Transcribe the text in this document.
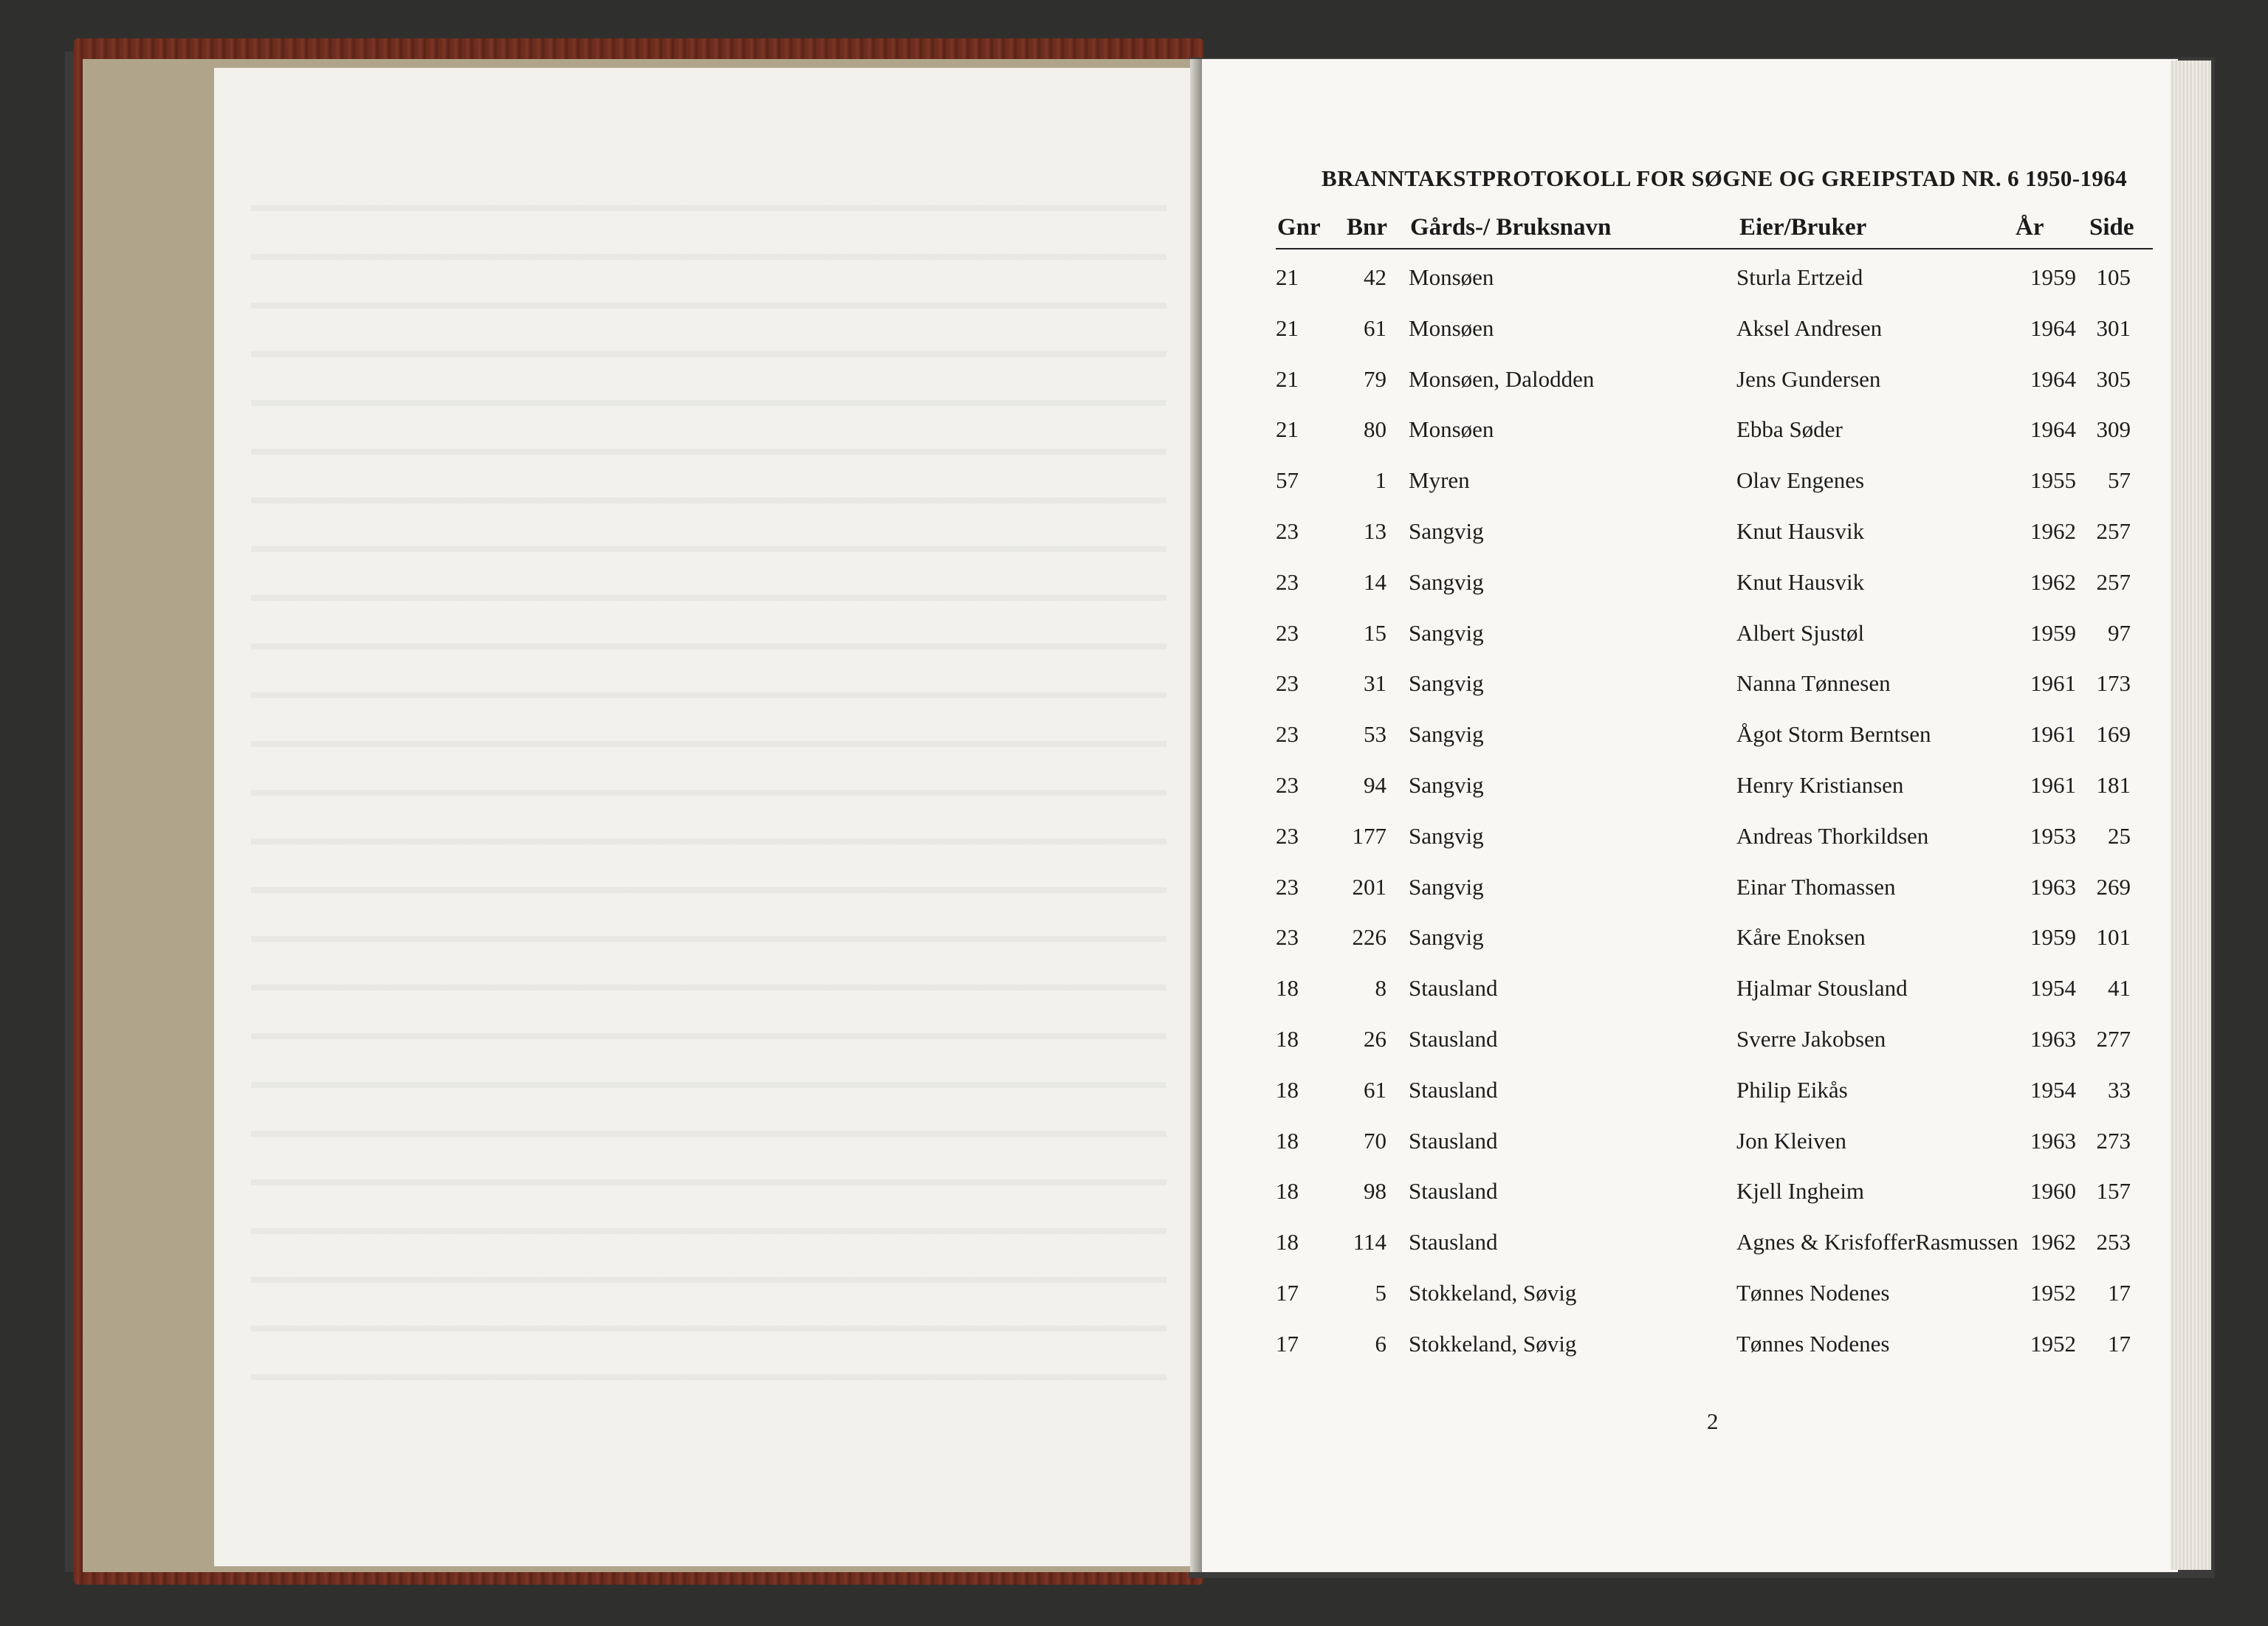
BRANNTAKSTPROTOKOLL FOR SØGNE OG GREIPSTAD NR. 6 1950-1964
Gnr Bnr Gårds-/ Bruksnavn	Eier/Bruker	År Side
21	42 Monsøen	Sturla Ertzeid	1959 105
21	61 Monsøen	Aksel Andresen	1964 301
21	79 Monsøen, Dalodden	Jens Gundersen	1964 305
21	80 Monsøen	Ebba Søder	1964 309
57	1 Myren	Olav Engenes	1955	57
23	13 Sangvig	Knut Hausvik	1962 257
23	14 Sangvig	Knut Hausvik	1962 257
23	15 Sangvig	Albert Sjustøl	1959	97
23	31 Sangvig	Nanna Tønnesen	1961 173
23	53 Sangvig	Ågot Storm Berntsen	1961 169
23	94 Sangvig	Henry Kristiansen	1961 181
23	177 Sangvig	Andreas Thorkildsen	1953	25
23	201 Sangvig	Einar Thomassen	1963 269
23	226 Sangvig	Kåre Enoksen	1959 101
18	8 Stausland	Hjalmar Stousland	1954	41
18	26 Stausland	Sverre Jakobsen	1963 277
18	61 Stausland	Philip Eikås	1954	33
18	70 Stausland	Jon Kleiven	1963 273
18	98 Stausland	Kjell Ingheim	1960 157
18	114 Stausland	Agnes & KrisfofferRasmussen 1962 253
17	5 Stokkeland, Søvig	Tønnes Nodenes	1952	17
17	6 Stokkeland, Søvig	Tønnes Nodenes	1952	17
2
